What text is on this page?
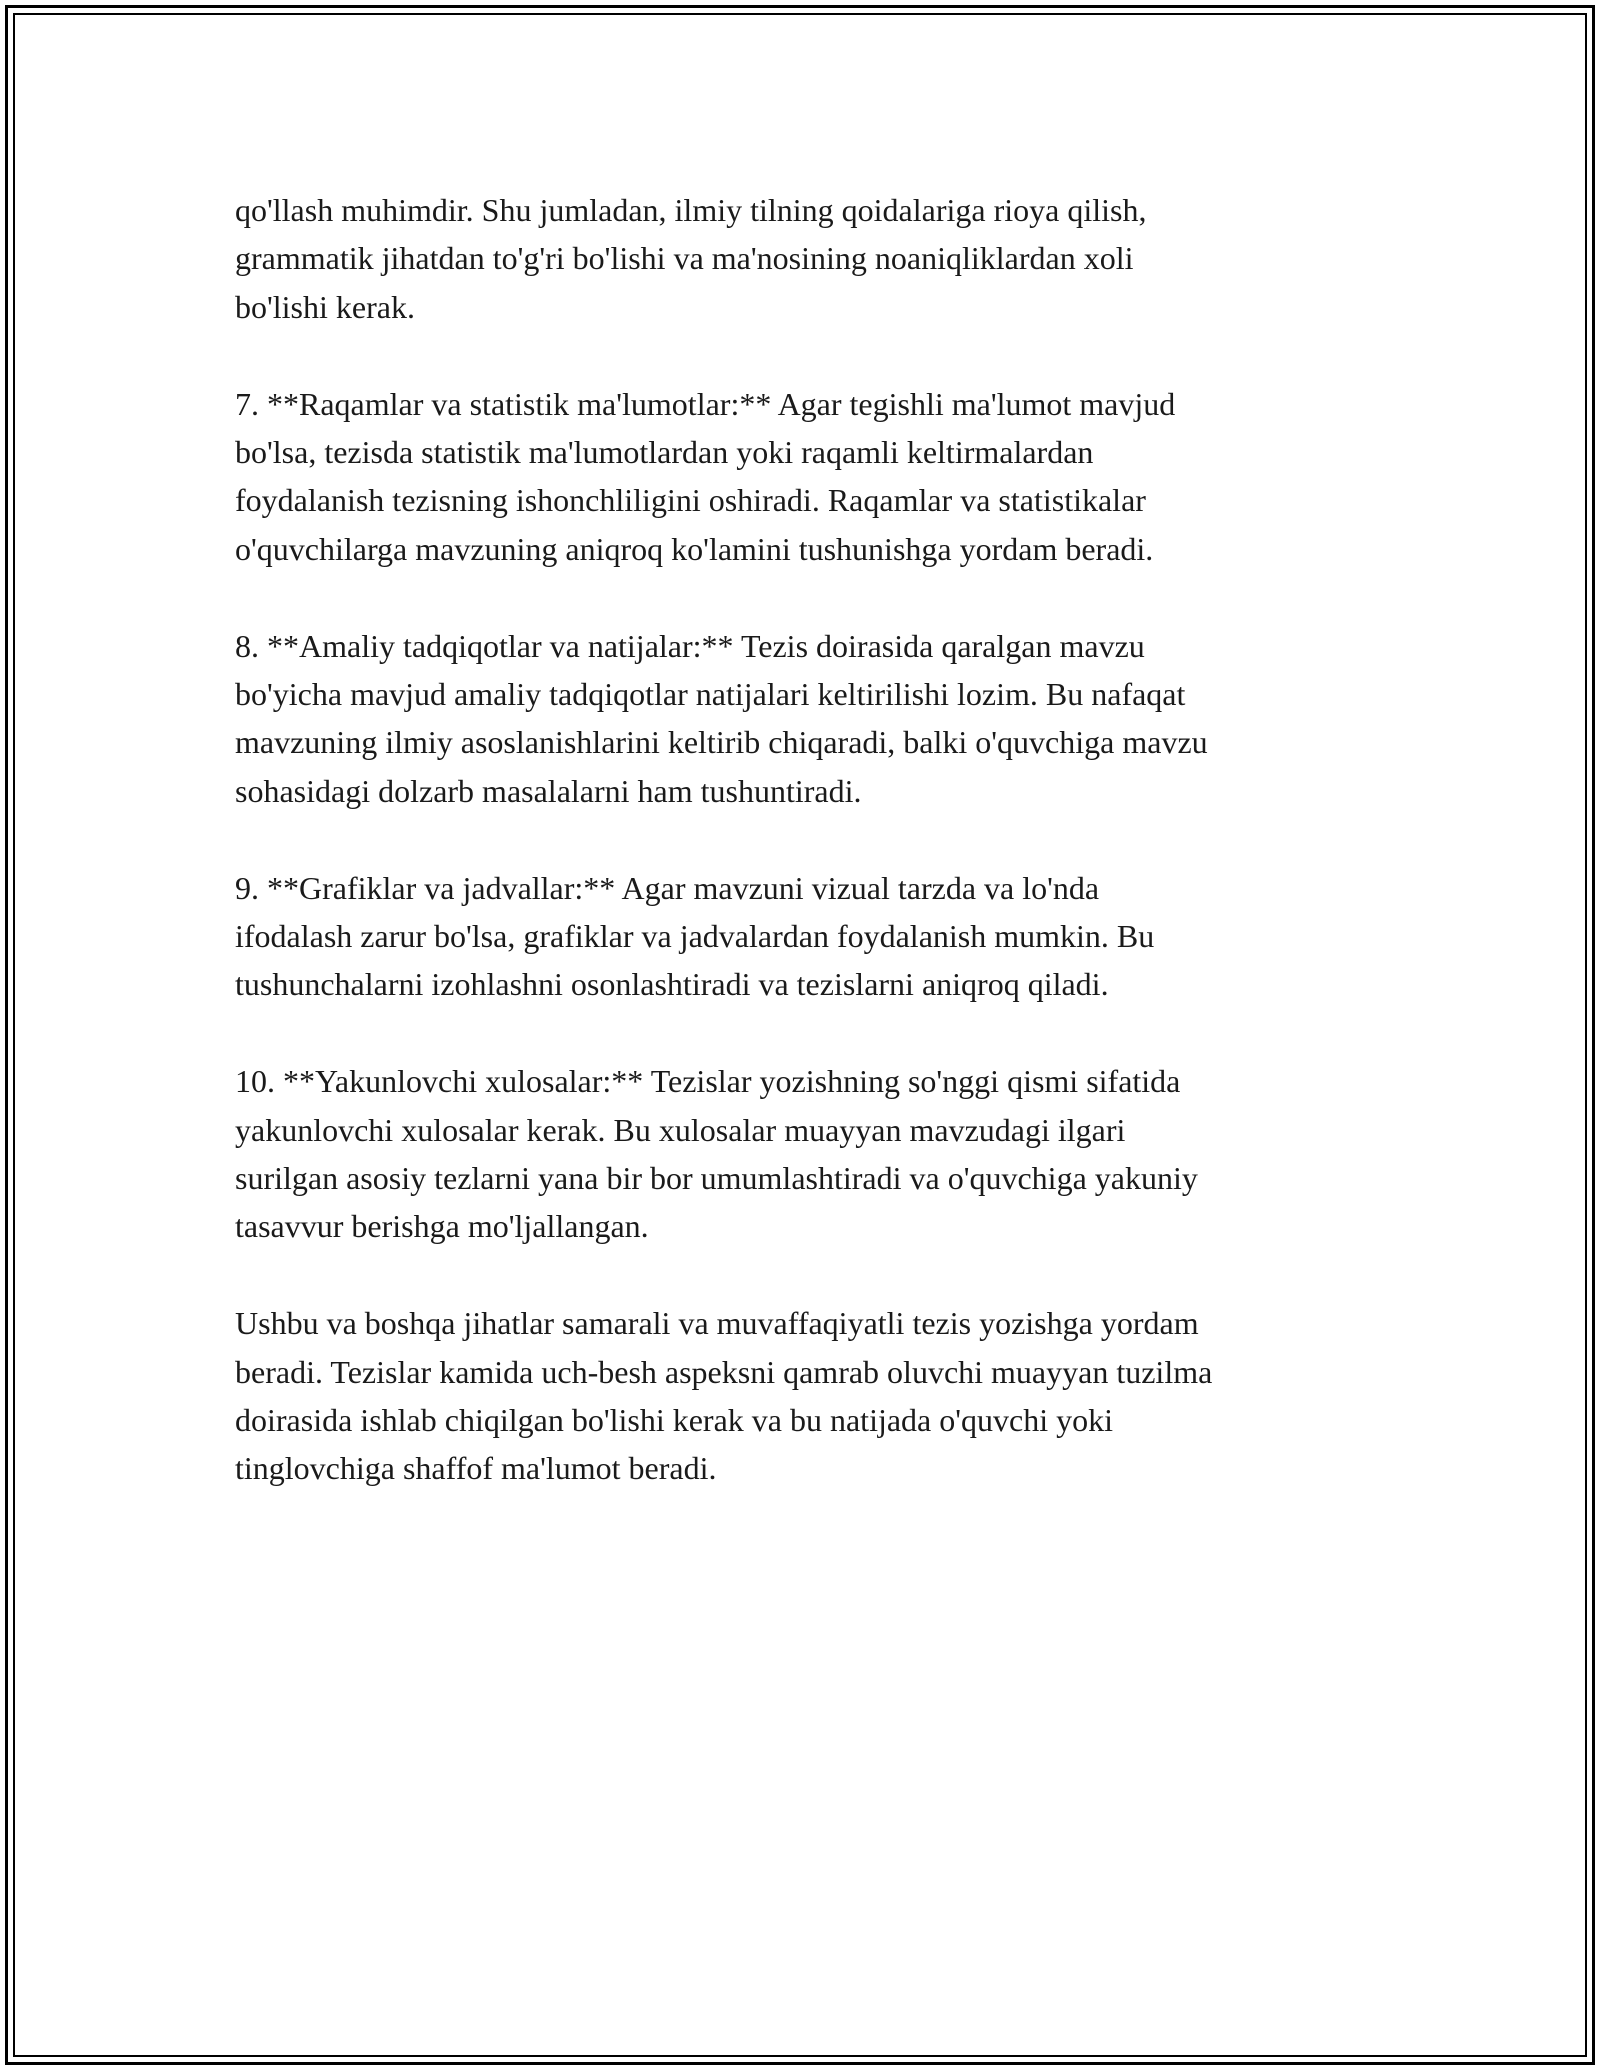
qo'llash muhimdir. Shu jumladan, ilmiy tilning qoidalariga rioya qilish,
grammatik jihatdan to'g'ri bo'lishi va ma'nosining noaniqliklardan xoli
bo'lishi kerak.

7. **Raqamlar va statistik ma'lumotlar:** Agar tegishli ma'lumot mavjud
bo'lsa, tezisda statistik ma'lumotlardan yoki raqamli keltirmalardan
foydalanish tezisning ishonchliligini oshiradi. Raqamlar va statistikalar
o'quvchilarga mavzuning aniqroq ko'lamini tushunishga yordam beradi.

8. **Amaliy tadqiqotlar va natijalar:** Tezis doirasida qaralgan mavzu
bo'yicha mavjud amaliy tadqiqotlar natijalari keltirilishi lozim. Bu nafaqat
mavzuning ilmiy asoslanishlarini keltirib chiqaradi, balki o'quvchiga mavzu
sohasidagi dolzarb masalalarni ham tushuntiradi.

9. **Grafiklar va jadvallar:** Agar mavzuni vizual tarzda va lo'nda
ifodalash zarur bo'lsa, grafiklar va jadvalardan foydalanish mumkin. Bu
tushunchalarni izohlashni osonlashtiradi va tezislarni aniqroq qiladi.

10. **Yakunlovchi xulosalar:** Tezislar yozishning so'nggi qismi sifatida
yakunlovchi xulosalar kerak. Bu xulosalar muayyan mavzudagi ilgari
surilgan asosiy tezlarni yana bir bor umumlashtiradi va o'quvchiga yakuniy
tasavvur berishga mo'ljallangan.

Ushbu va boshqa jihatlar samarali va muvaffaqiyatli tezis yozishga yordam
beradi. Tezislar kamida uch-besh aspeksni qamrab oluvchi muayyan tuzilma
doirasida ishlab chiqilgan bo'lishi kerak va bu natijada o'quvchi yoki
tinglovchiga shaffof ma'lumot beradi.
